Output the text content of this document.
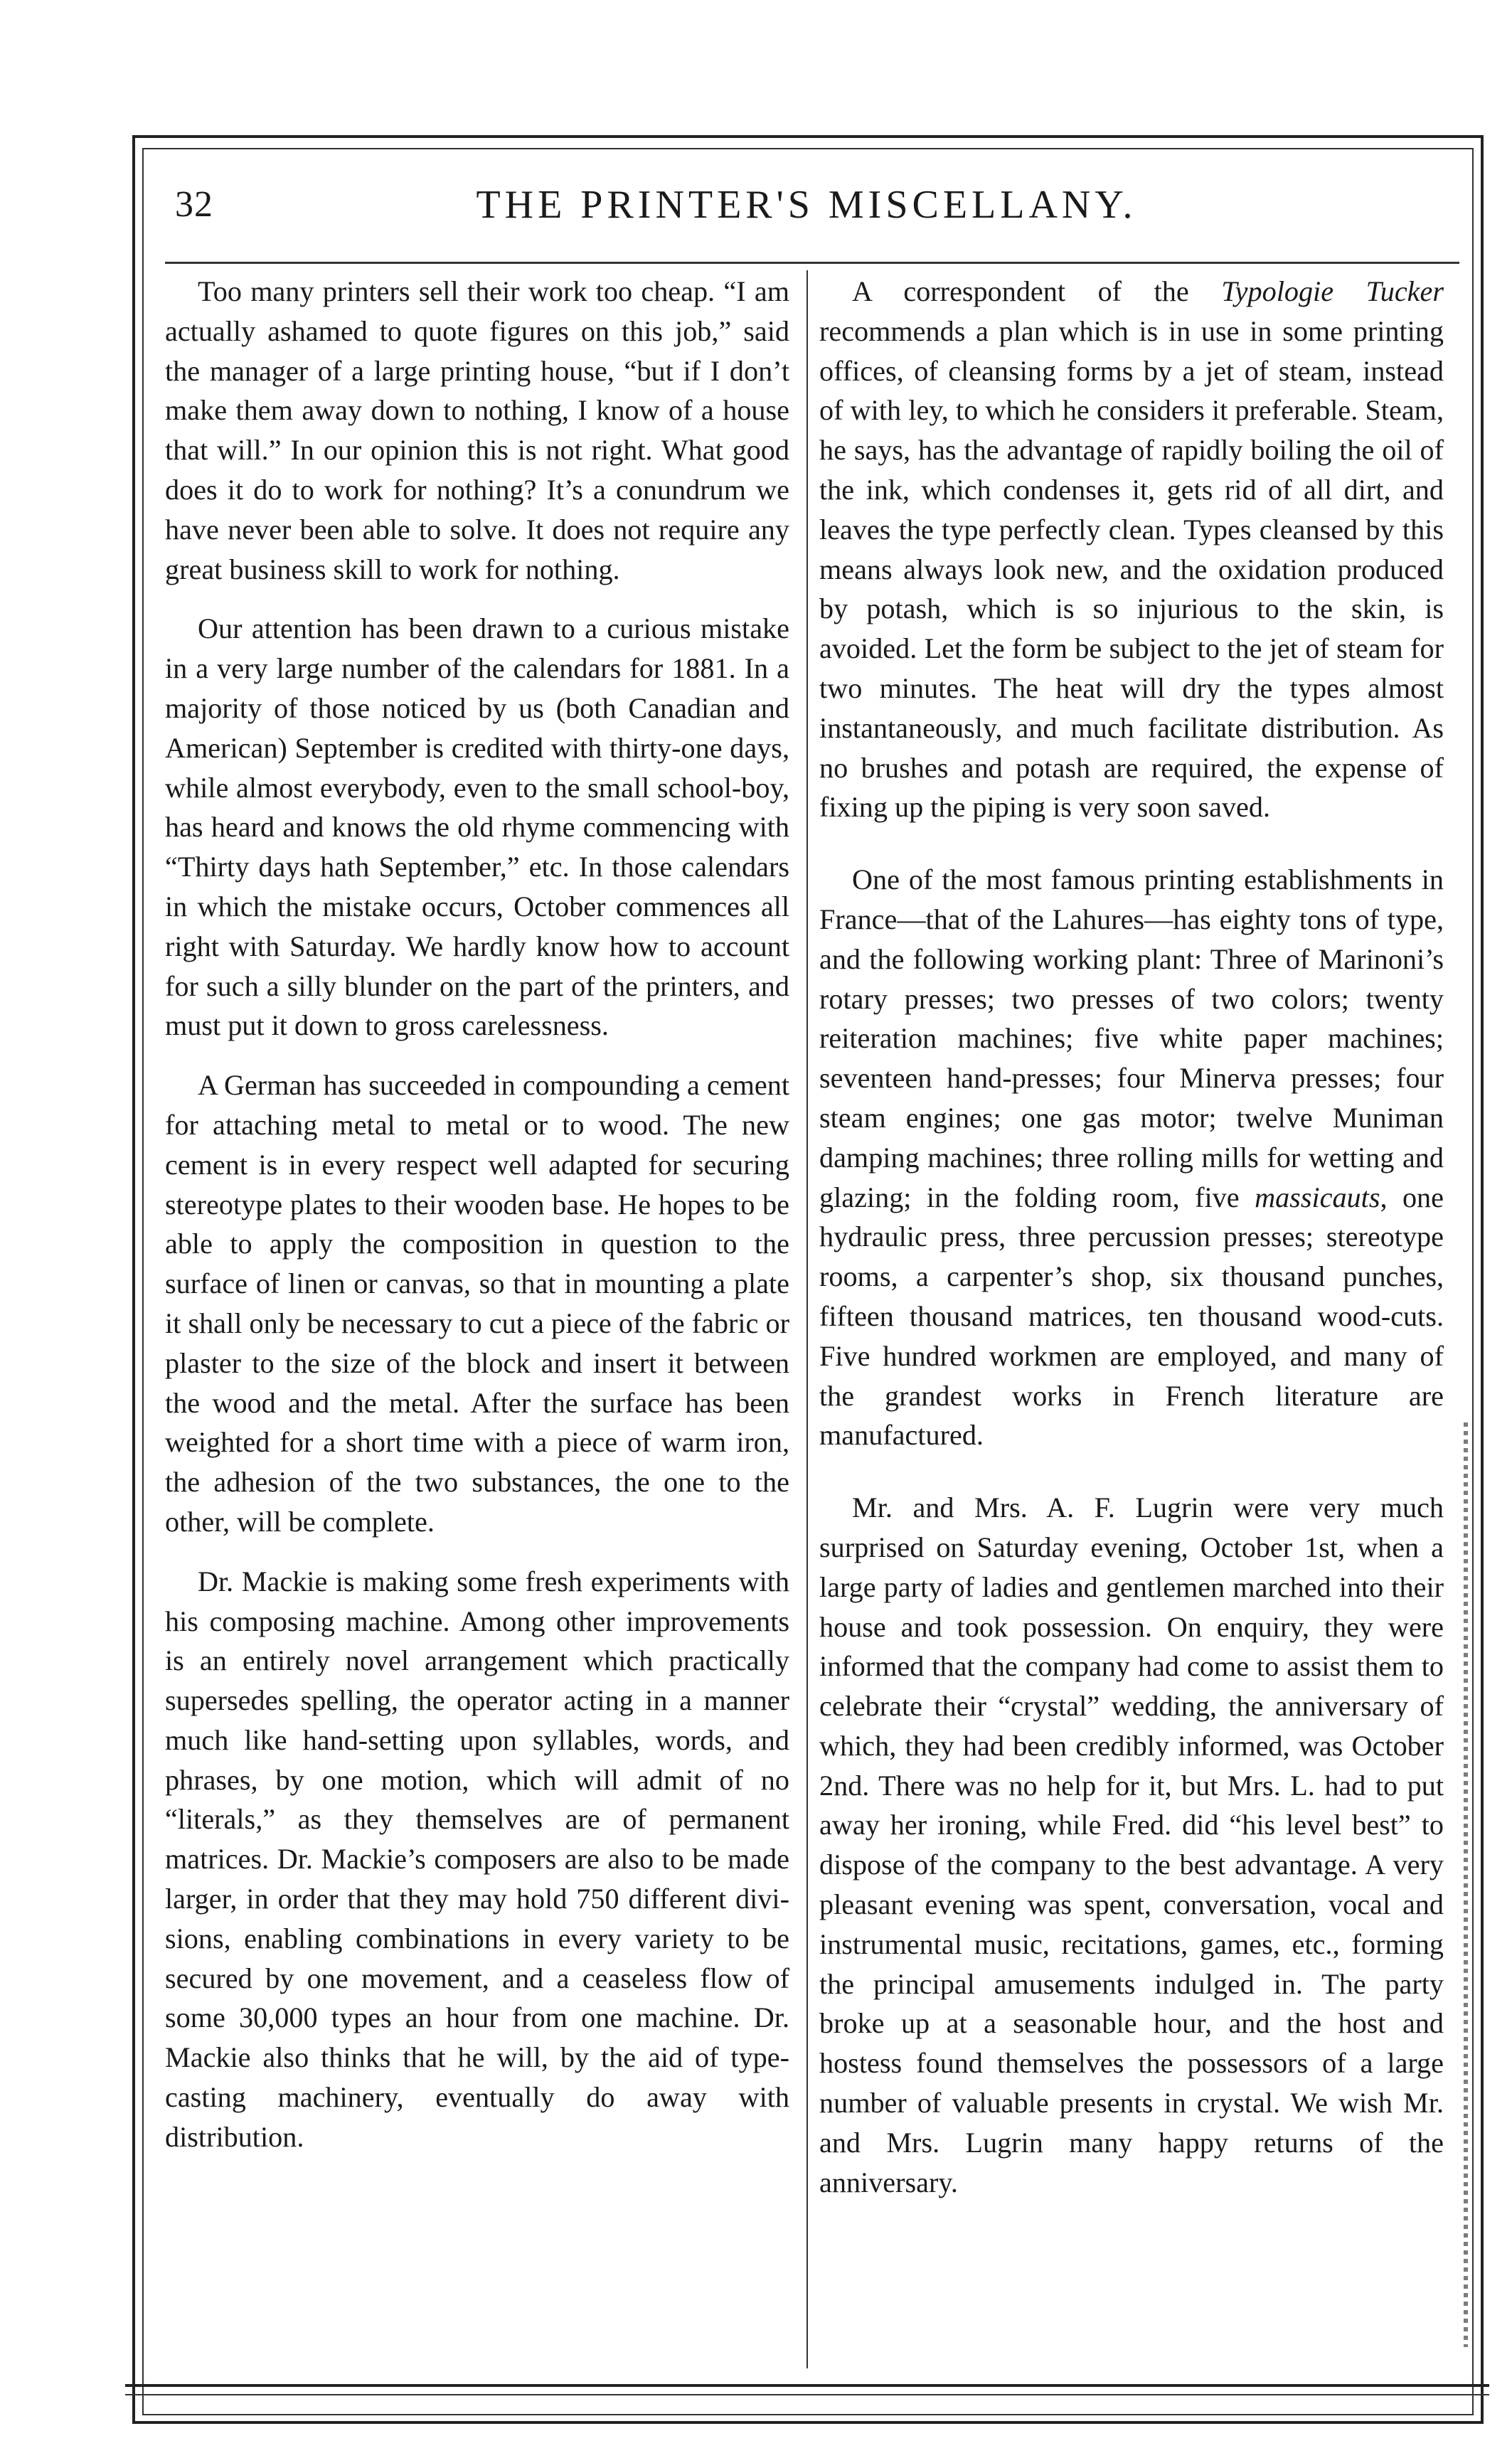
32	THE PRINTER'S MISCELLANY.

Too many printers sell their work too cheap. “I am actually ashamed to quote figures on this job,” said the manager of a large printing house, “but if I don’t make them away down to nothing, I know of a house that will.” In our opinion this is not right. What good does it do to work for nothing? It’s a conundrum we have never been able to solve. It does not require any great business skill to work for nothing.

Our attention has been drawn to a curious mistake in a very large number of the calendars for 1881. In a majority of those noticed by us (both Canadian and American) September is credited with thirty-one days, while almost everybody, even to the small school-boy, has heard and knows the old rhyme commencing with “Thirty days hath September,” etc. In those calendars in which the mistake occurs, October commences all right with Saturday. We hardly know how to account for such a silly blunder on the part of the printers, and must put it down to gross carelessness.

A German has succeeded in compounding a cement for attaching metal to metal or to wood. The new cement is in every respect well adapted for securing stereotype plates to their wooden base. He hopes to be able to apply the composition in question to the surface of linen or canvas, so that in mounting a plate it shall only be necessary to cut a piece of the fabric or plaster to the size of the block and insert it between the wood and the metal. After the surface has been weighted for a short time with a piece of warm iron, the adhesion of the two substances, the one to the other, will be complete.

Dr. Mackie is making some fresh experiments with his composing machine. Among other improvements is an entirely novel arrangement which practically supersedes spelling, the operator acting in a manner much like hand-setting upon syllables, words, and phrases, by one motion, which will admit of no “literals,” as they themselves are of permanent matrices. Dr. Mackie’s composers are also to be made larger, in order that they may hold 750 different divisions, enabling combinations in every variety to be secured by one movement, and a ceaseless flow of some 30,000 types an hour from one machine. Dr. Mackie also thinks that he will, by the aid of type-casting machinery, eventually do away with distribution.

A correspondent of the Typologie Tucker recommends a plan which is in use in some printing offices, of cleansing forms by a jet of steam, instead of with ley, to which he considers it preferable. Steam, he says, has the advantage of rapidly boiling the oil of the ink, which condenses it, gets rid of all dirt, and leaves the type perfectly clean. Types cleansed by this means always look new, and the oxidation produced by potash, which is so injurious to the skin, is avoided. Let the form be subject to the jet of steam for two minutes. The heat will dry the types almost instantaneously, and much facilitate distribution. As no brushes and potash are required, the expense of fixing up the piping is very soon saved.

One of the most famous printing establishments in France—that of the Lahures—has eighty tons of type, and the following working plant: Three of Marinoni’s rotary presses; two presses of two colors; twenty reiteration machines; five white paper machines; seventeen hand-presses; four Minerva presses; four steam engines; one gas motor; twelve Muniman damping machines; three rolling mills for wetting and glazing; in the folding room, five massicauts, one hydraulic press, three percussion presses; stereotype rooms, a carpenter’s shop, six thousand punches, fifteen thousand matrices, ten thousand wood-cuts. Five hundred workmen are employed, and many of the grandest works in French literature are manufactured.

Mr. and Mrs. A. F. Lugrin were very much surprised on Saturday evening, October 1st, when a large party of ladies and gentlemen marched into their house and took possession. On enquiry, they were informed that the company had come to assist them to celebrate their “crystal” wedding, the anniversary of which, they had been credibly informed, was October 2nd. There was no help for it, but Mrs. L. had to put away her ironing, while Fred. did “his level best” to dispose of the company to the best advantage. A very pleasant evening was spent, conversation, vocal and instrumental music, recitations, games, etc., forming the principal amusements indulged in. The party broke up at a seasonable hour, and the host and hostess found themselves the possessors of a large number of valuable presents in crystal. We wish Mr. and Mrs. Lugrin many happy returns of the anniversary.
